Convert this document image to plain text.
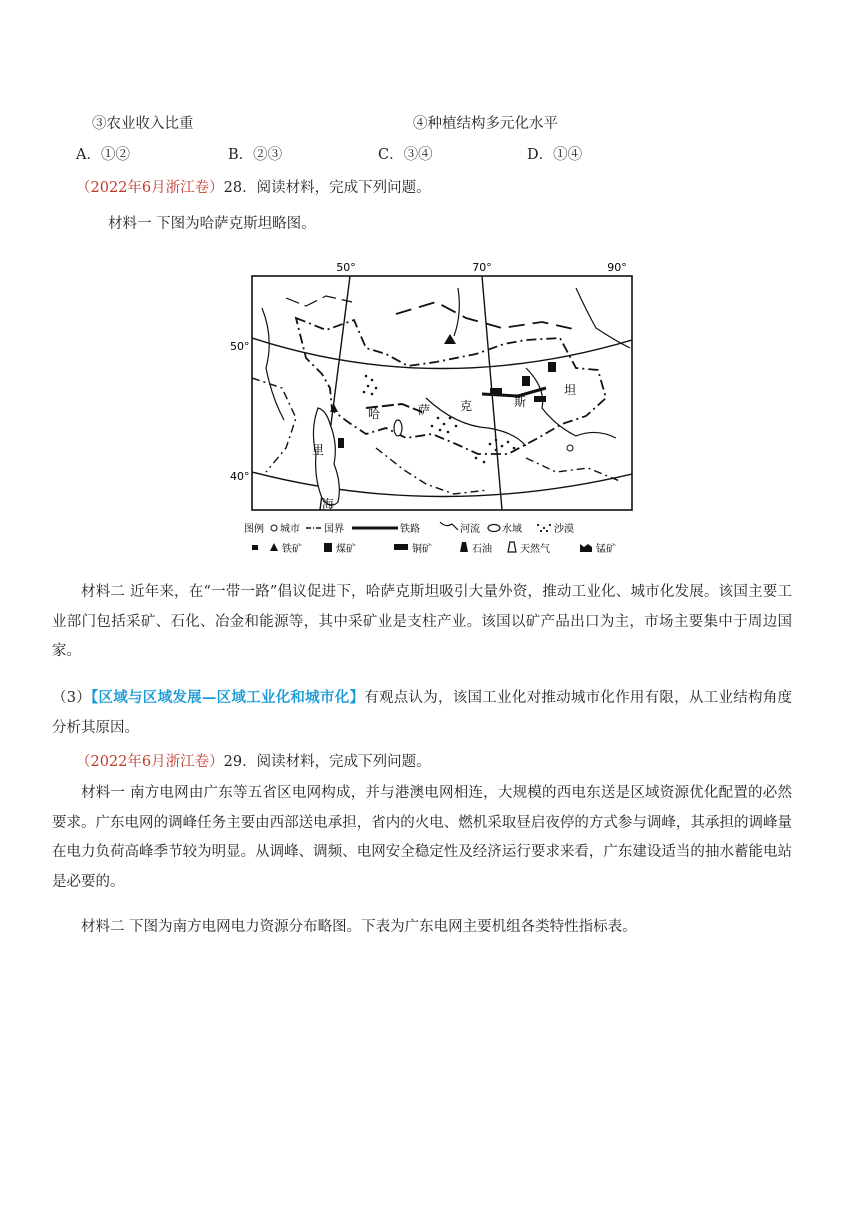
③农业收入比重	④种植结构多元化水平
A．①②	B．②③	C．③④	D．①④
（2022年6月浙江卷）28．阅读材料，完成下列问题。
材料一 下图为哈萨克斯坦略图。
50°	70°	90°
50°
40°
哈	萨 克	斯
坦
里
海
图例 城市 国界	铁路	河流 水域	沙漠
铁矿	煤矿	铜矿	石油	天然气	锰矿
材料二 近年来，在“一带一路”倡议促进下，哈萨克斯坦吸引大量外资，推动工业化、城市化发展。该国主要工业部门包括采矿、石化、冶金和能源等，其中采矿业是支柱产业。该国以矿产品出口为主，市场主要集中于周边国家。
（3）【区域与区域发展—区域工业化和城市化】有观点认为，该国工业化对推动城市化作用有限，从工业结构角度分析其原因。
（2022年6月浙江卷）29．阅读材料，完成下列问题。
材料一 南方电网由广东等五省区电网构成，并与港澳电网相连，大规模的西电东送是区域资源优化配置的必然要求。广东电网的调峰任务主要由西部送电承担，省内的火电、燃机采取昼启夜停的方式参与调峰，其承担的调峰量在电力负荷高峰季节较为明显。从调峰、调频、电网安全稳定性及经济运行要求来看，广东建设适当的抽水蓄能电站是必要的。
材料二 下图为南方电网电力资源分布略图。下表为广东电网主要机组各类特性指标表。
